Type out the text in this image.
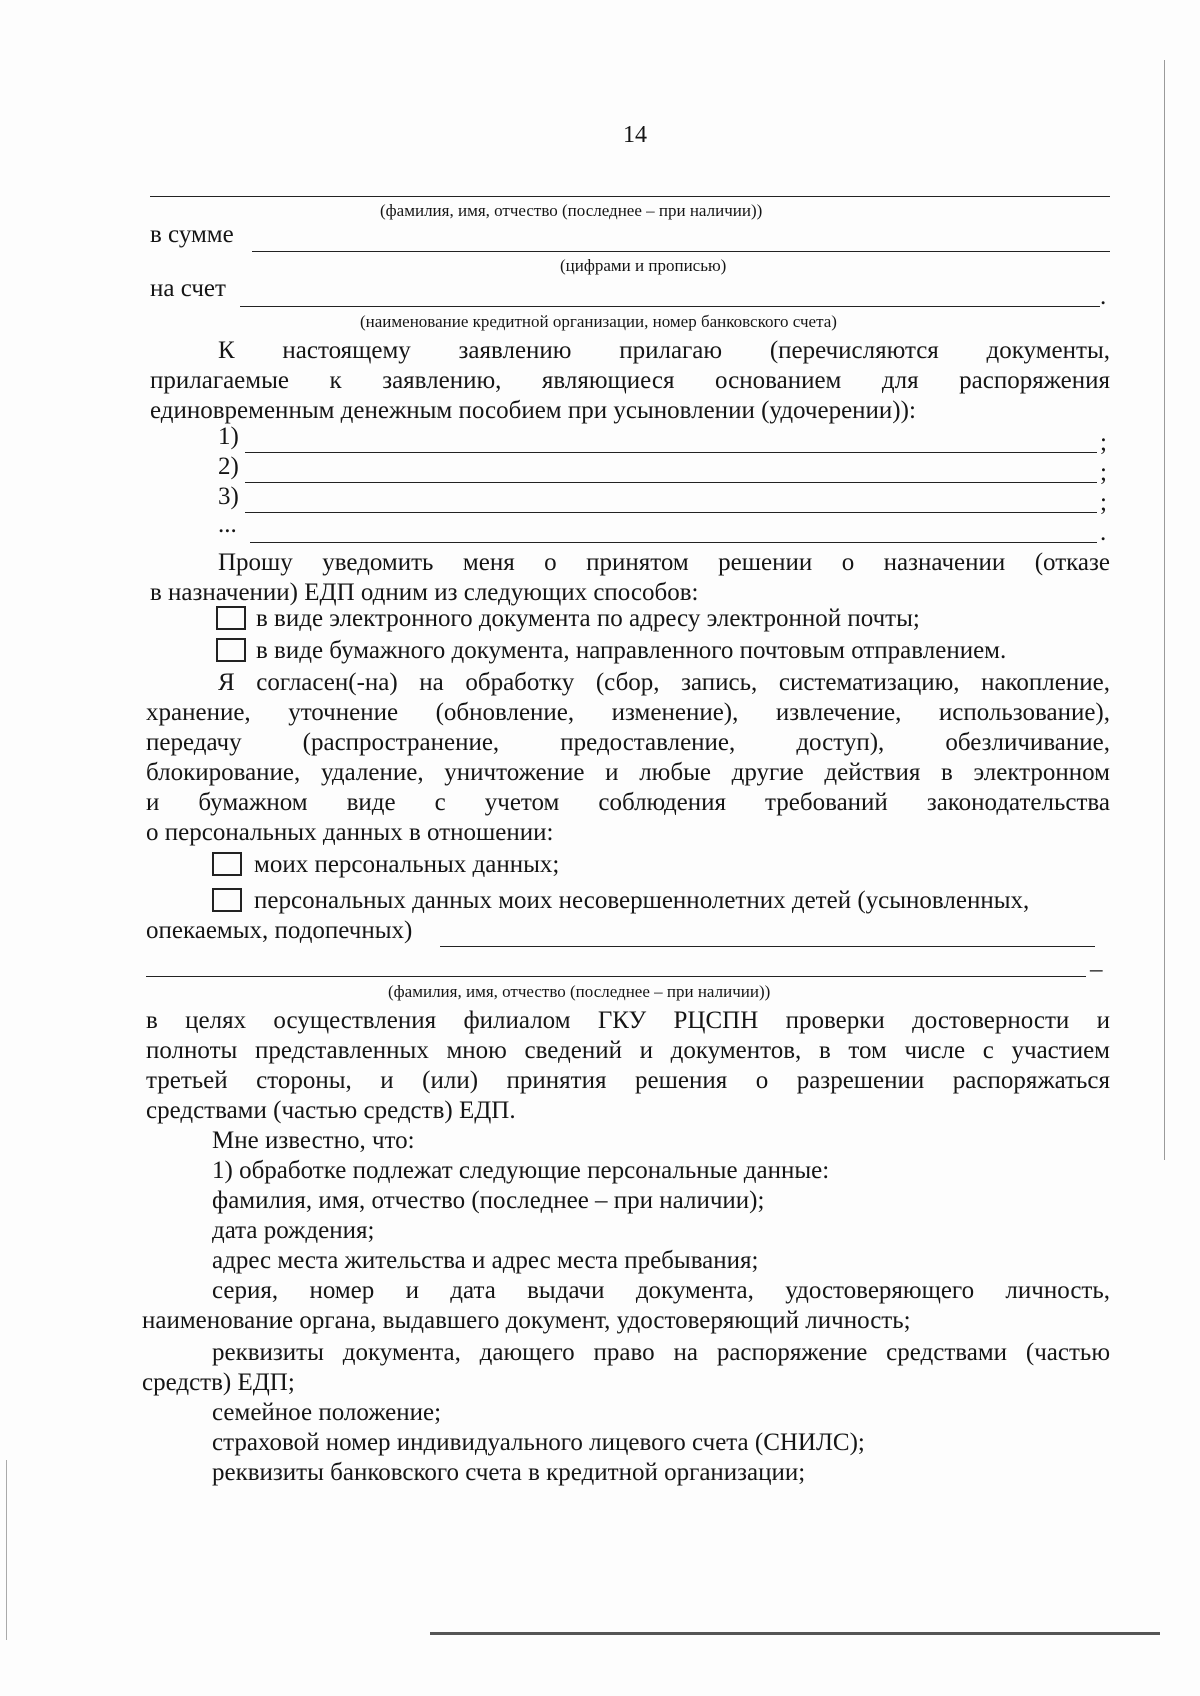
14
(фамилия, имя, отчество (последнее – при наличии))
в сумме
(цифрами и прописью)
на счет	.
(наименование кредитной организации, номер банковского счета)
К настоящему заявлению прилагаю (перечисляются документы,
прилагаемые к заявлению, являющиеся основанием для распоряжения
единовременным денежным пособием при усыновлении (удочерении)):
1)	;
2)	;
3)	;
...	.
Прошу уведомить меня о принятом решении о назначении (отказе
в назначении) ЕДП одним из следующих способов:
в виде электронного документа по адресу электронной почты;
в виде бумажного документа, направленного почтовым отправлением.
Я согласен(-на) на обработку (сбор, запись, систематизацию, накопление,
хранение, уточнение (обновление, изменение), извлечение, использование),
передачу (распространение, предоставление, доступ), обезличивание,
блокирование, удаление, уничтожение и любые другие действия в электронном
и бумажном виде с учетом соблюдения требований законодательства
о персональных данных в отношении:
моих персональных данных;
персональных данных моих несовершеннолетних детей (усыновленных,
опекаемых, подопечных)
–
(фамилия, имя, отчество (последнее – при наличии))
в целях осуществления филиалом ГКУ РЦСПН проверки достоверности и
полноты представленных мною сведений и документов, в том числе с участием
третьей стороны, и (или) принятия решения о разрешении распоряжаться
средствами (частью средств) ЕДП.
Мне известно, что:
1) обработке подлежат следующие персональные данные:
фамилия, имя, отчество (последнее – при наличии);
дата рождения;
адрес места жительства и адрес места пребывания;
серия, номер и дата выдачи документа, удостоверяющего личность,
наименование органа, выдавшего документ, удостоверяющий личность;
реквизиты документа, дающего право на распоряжение средствами (частью
средств) ЕДП;
семейное положение;
страховой номер индивидуального лицевого счета (СНИЛС);
реквизиты банковского счета в кредитной организации;
